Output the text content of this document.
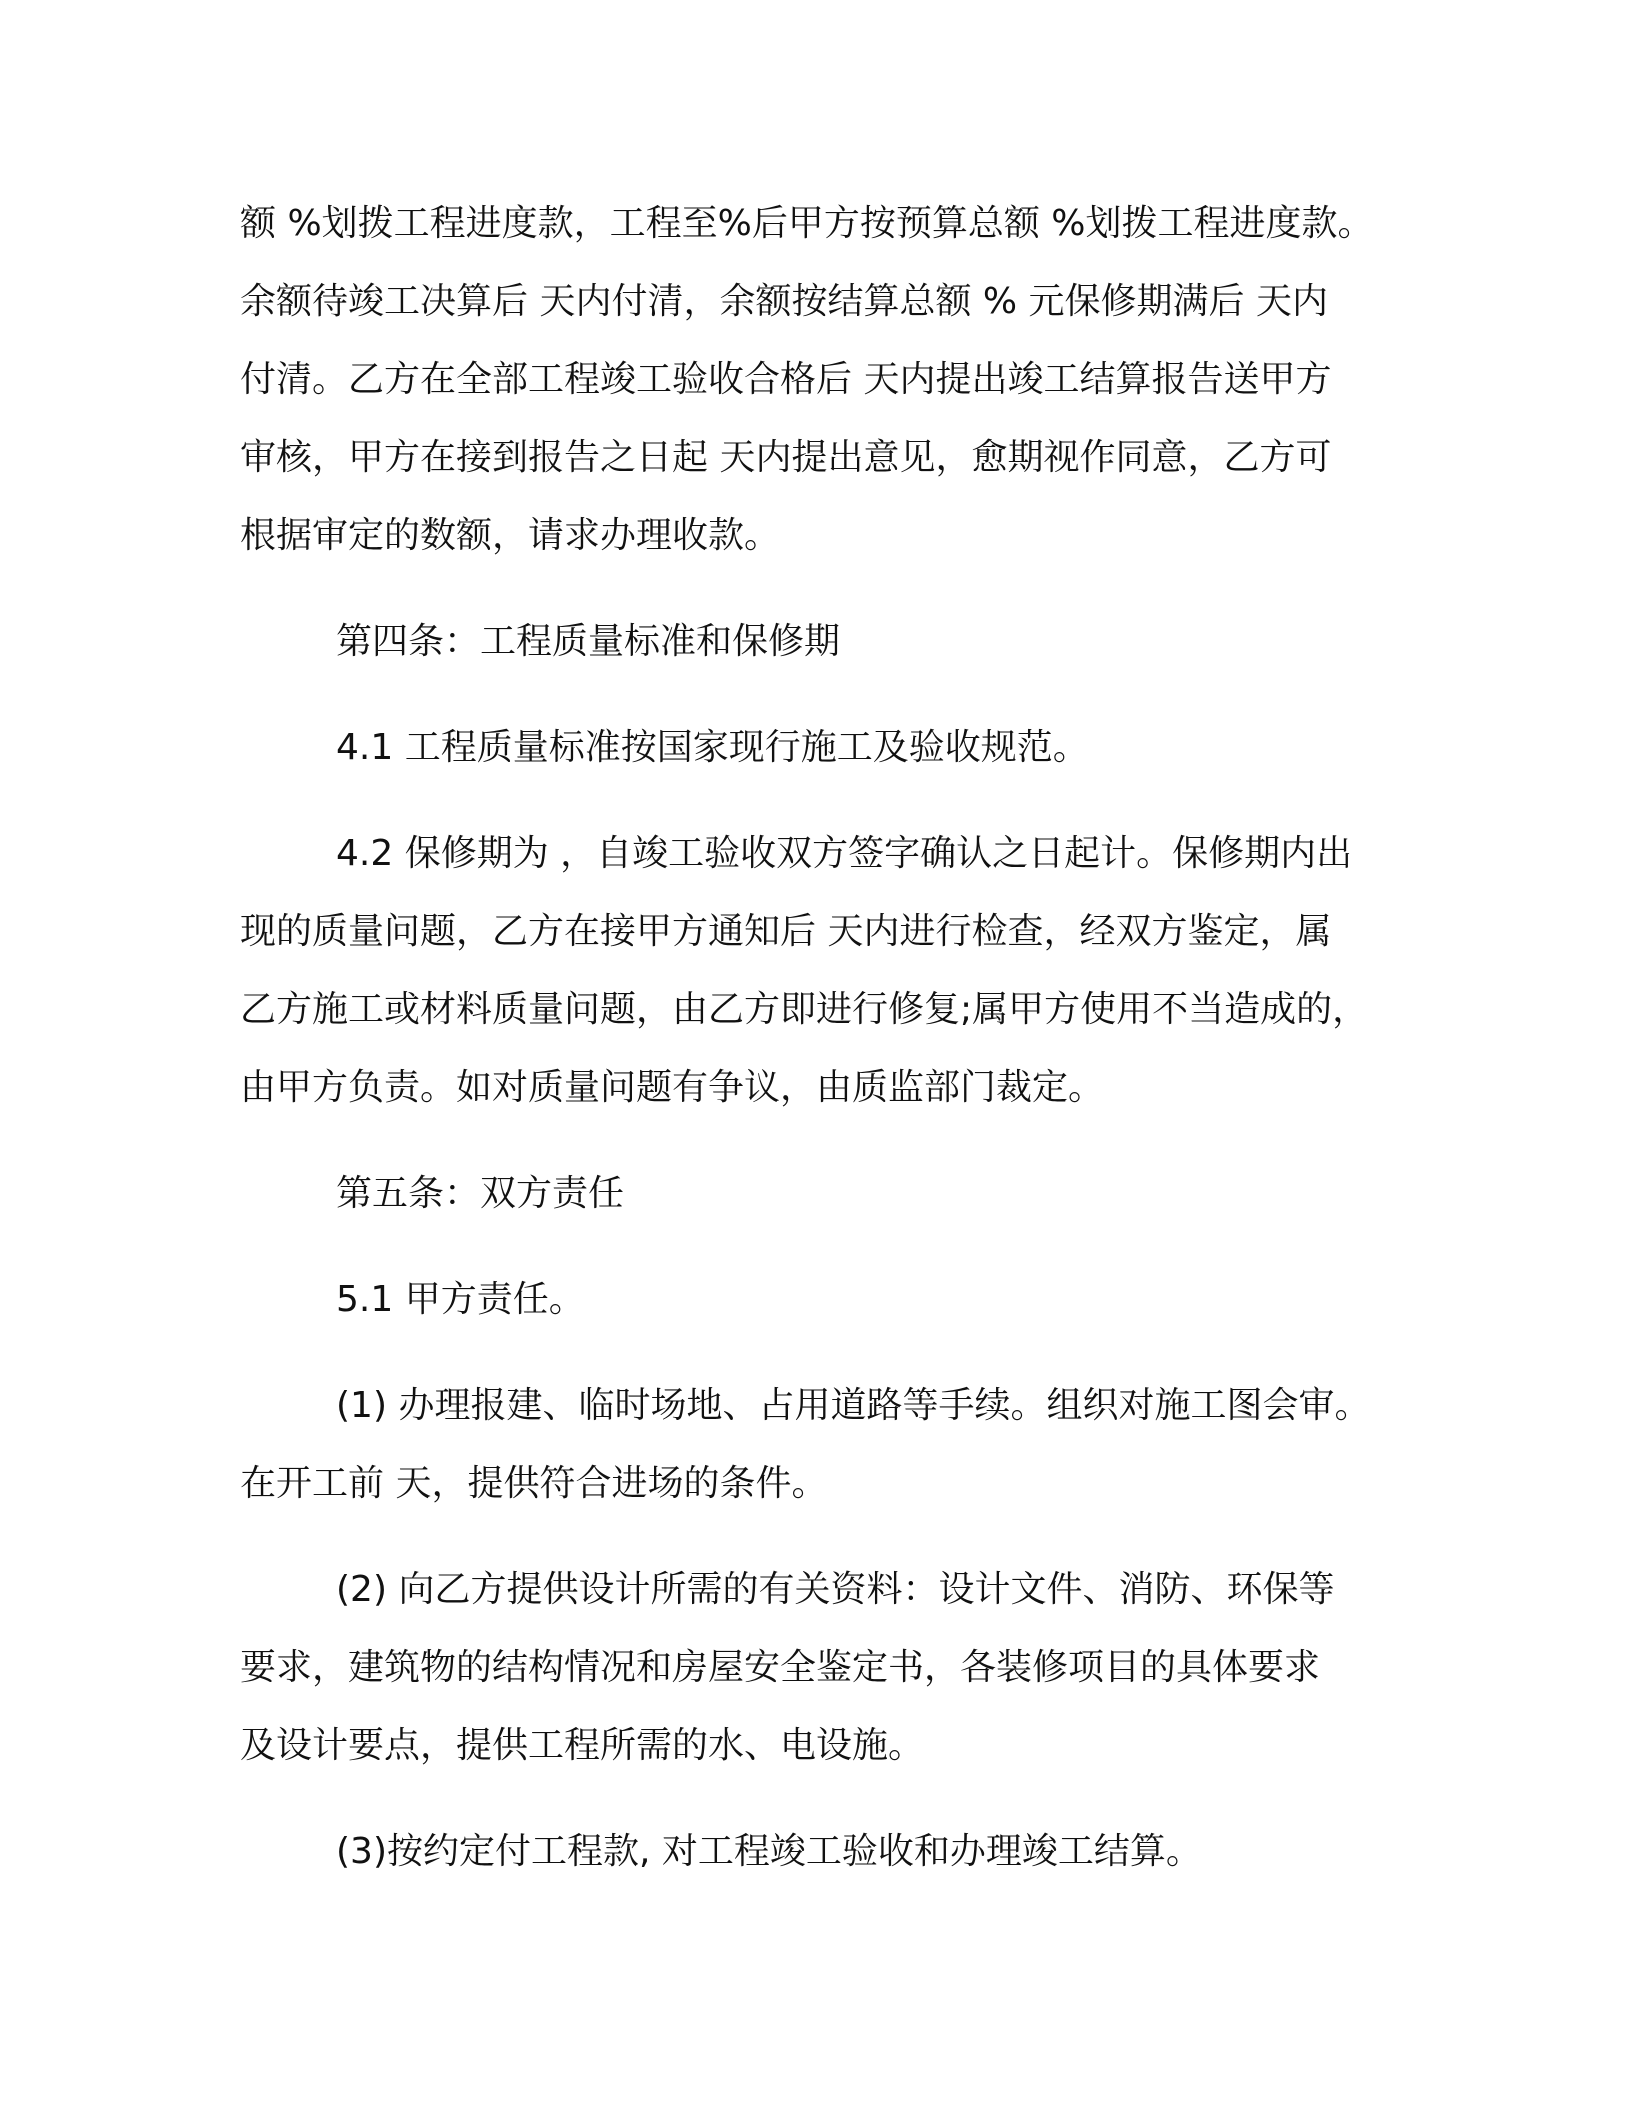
额 %划拨工程进度款，工程至%后甲方按预算总额 %划拨工程进度款。
余额待竣工决算后 天内付清，余额按结算总额 % 元保修期满后 天内
付清。乙方在全部工程竣工验收合格后 天内提出竣工结算报告送甲方
审核，甲方在接到报告之日起 天内提出意见，愈期视作同意，乙方可
根据审定的数额，请求办理收款。
第四条：工程质量标准和保修期
4.1 工程质量标准按国家现行施工及验收规范。
4.2 保修期为 ，自竣工验收双方签字确认之日起计。保修期内出
现的质量问题，乙方在接甲方通知后 天内进行检查，经双方鉴定，属
乙方施工或材料质量问题，由乙方即进行修复;属甲方使用不当造成的，
由甲方负责。如对质量问题有争议，由质监部门裁定。
第五条：双方责任
5.1 甲方责任。
(1) 办理报建、临时场地、占用道路等手续。组织对施工图会审。
在开工前 天，提供符合进场的条件。
(2) 向乙方提供设计所需的有关资料：设计文件、消防、环保等
要求，建筑物的结构情况和房屋安全鉴定书，各装修项目的具体要求
及设计要点，提供工程所需的水、电设施。
(3)按约定付工程款, 对工程竣工验收和办理竣工结算。
